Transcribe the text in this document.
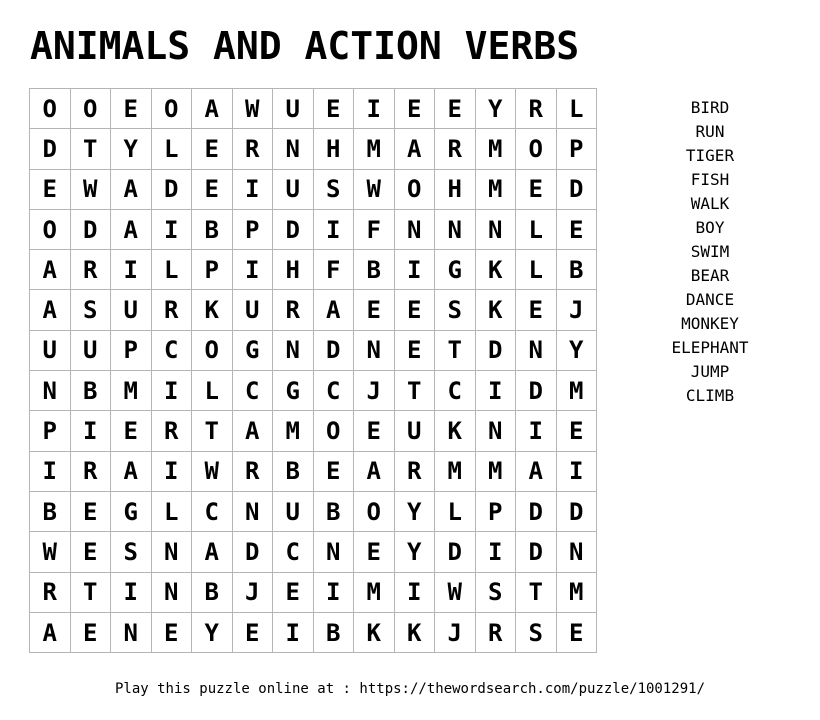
ANIMALS AND ACTION VERBS
O	O	E	O	A	W	U	E	I	E	E	Y	R	L
D	T	Y	L	E	R	N	H	M	A	R	M	O	P
E	W	A	D	E	I	U	S	W	O	H	M	E	D
O	D	A	I	B	P	D	I	F	N	N	N	L	E
A	R	I	L	P	I	H	F	B	I	G	K	L	B
A	S	U	R	K	U	R	A	E	E	S	K	E	J
U	U	P	C	O	G	N	D	N	E	T	D	N	Y
N	B	M	I	L	C	G	C	J	T	C	I	D	M
P	I	E	R	T	A	M	O	E	U	K	N	I	E
I	R	A	I	W	R	B	E	A	R	M	M	A	I
B	E	G	L	C	N	U	B	O	Y	L	P	D	D
W	E	S	N	A	D	C	N	E	Y	D	I	D	N
R	T	I	N	B	J	E	I	M	I	W	S	T	M
A	E	N	E	Y	E	I	B	K	K	J	R	S	E
BIRD
RUN
TIGER
FISH
WALK
BOY
SWIM
BEAR
DANCE
MONKEY
ELEPHANT
JUMP
CLIMB
Play this puzzle online at : https://thewordsearch.com/puzzle/1001291/
